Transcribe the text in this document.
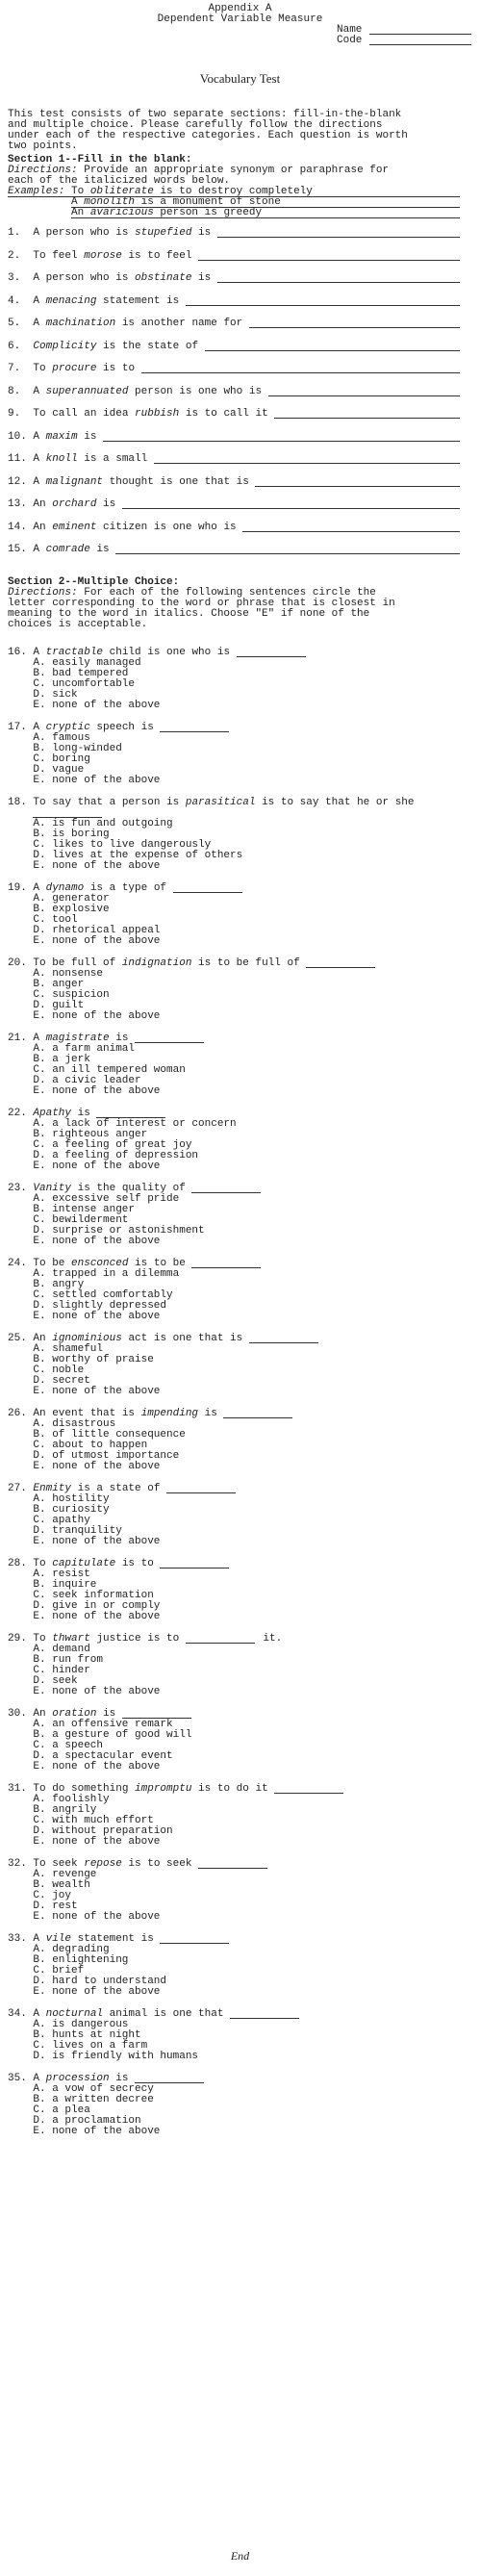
Appendix A
Dependent Variable Measure
Name
Code
Vocabulary Test
This test consists of two separate sections: fill-in-the-blank
and multiple choice. Please carefully follow the directions
under each of the respective categories. Each question is worth
two points.
Section 1--Fill in the blank:
Directions: Provide an appropriate synonym or paraphrase for
each of the italicized words below.
Examples: To obliterate is to destroy completely
A monolith is a monument of stone
An avaricious person is greedy
1.  A person who is stupefied is
2.  To feel morose is to feel
3.  A person who is obstinate is
4.  A menacing statement is
5.  A machination is another name for
6.  Complicity is the state of
7.  To procure is to
8.  A superannuated person is one who is
9.  To call an idea rubbish is to call it
10. A maxim is
11. A knoll is a small
12. A malignant thought is one that is
13. An orchard is
14. An eminent citizen is one who is
15. A comrade is
Section 2--Multiple Choice:
Directions: For each of the following sentences circle the
letter corresponding to the word or phrase that is closest in
meaning to the word in italics. Choose "E" if none of the
choices is acceptable.
16. A tractable child is one who is
A. easily managed
B. bad tempered
C. uncomfortable
D. sick
E. none of the above
17. A cryptic speech is
A. famous
B. long-winded
C. boring
D. vague
E. none of the above
18. To say that a person is parasitical is to say that he or she
A. is fun and outgoing
B. is boring
C. likes to live dangerously
D. lives at the expense of others
E. none of the above
19. A dynamo is a type of
A. generator
B. explosive
C. tool
D. rhetorical appeal
E. none of the above
20. To be full of indignation is to be full of
A. nonsense
B. anger
C. suspicion
D. guilt
E. none of the above
21. A magistrate is
A. a farm animal
B. a jerk
C. an ill tempered woman
D. a civic leader
E. none of the above
22. Apathy is
A. a lack of interest or concern
B. righteous anger
C. a feeling of great joy
D. a feeling of depression
E. none of the above
23. Vanity is the quality of
A. excessive self pride
B. intense anger
C. bewilderment
D. surprise or astonishment
E. none of the above
24. To be ensconced is to be
A. trapped in a dilemma
B. angry
C. settled comfortably
D. slightly depressed
E. none of the above
25. An ignominious act is one that is
A. shameful
B. worthy of praise
C. noble
D. secret
E. none of the above
26. An event that is impending is
A. disastrous
B. of little consequence
C. about to happen
D. of utmost importance
E. none of the above
27. Enmity is a state of
A. hostility
B. curiosity
C. apathy
D. tranquility
E. none of the above
28. To capitulate is to
A. resist
B. inquire
C. seek information
D. give in or comply
E. none of the above
29. To thwart justice is to	it.
A. demand
B. run from
C. hinder
D. seek
E. none of the above
30. An oration is
A. an offensive remark
B. a gesture of good will
C. a speech
D. a spectacular event
E. none of the above
31. To do something impromptu is to do it
A. foolishly
B. angrily
C. with much effort
D. without preparation
E. none of the above
32. To seek repose is to seek
A. revenge
B. wealth
C. joy
D. rest
E. none of the above
33. A vile statement is
A. degrading
B. enlightening
C. brief
D. hard to understand
E. none of the above
34. A nocturnal animal is one that
A. is dangerous
B. hunts at night
C. lives on a farm
D. is friendly with humans
35. A procession is
A. a vow of secrecy
B. a written decree
C. a plea
D. a proclamation
E. none of the above
End
